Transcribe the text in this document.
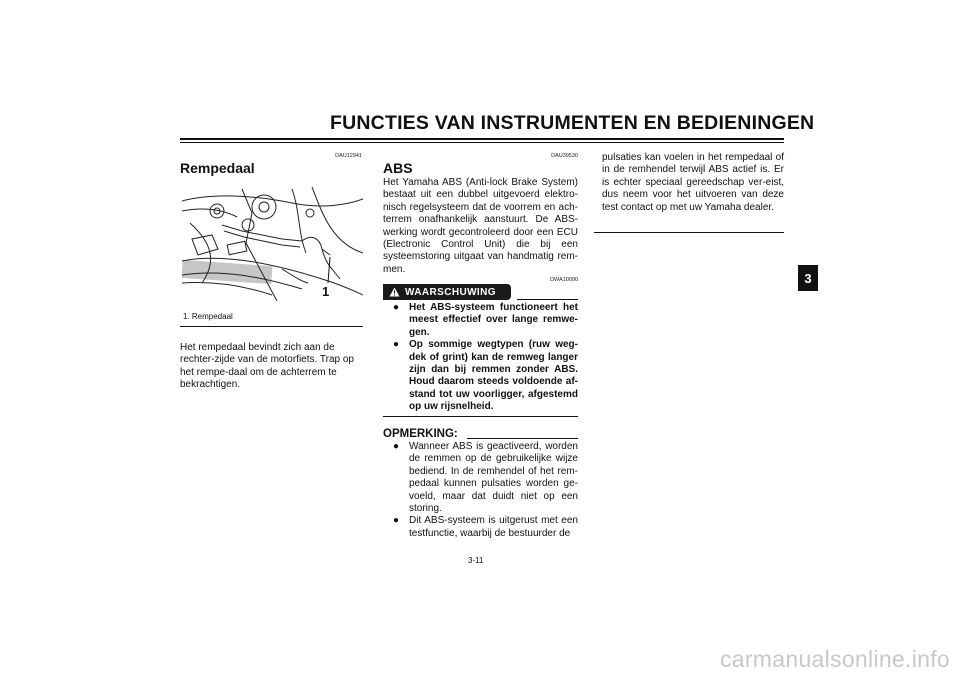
FUNCTIES VAN INSTRUMENTEN EN BEDIENINGEN
3
DAU12941
Rempedaal
1
1. Rempedaal

Het rempedaal bevindt zich aan de rechter-zijde van de motorfiets. Trap op het rempe-daal om de achterrem te bekrachtigen.

DAU39530
ABS

Het Yamaha ABS (Anti-lock Brake System) bestaat uit een dubbel uitgevoerd elektro-nisch regelsysteem dat de voorrem en ach-terrem onafhankelijk aanstuurt. De ABS-werking wordt gecontroleerd door een ECU (Electronic Control Unit) die bij een systeemstoring uitgaat van handmatig rem-men.

DWA10090
WAARSCHUWING
● Het ABS-systeem functioneert het meest effectief over lange remwe-gen.
● Op sommige wegtypen (ruw weg-dek of grint) kan de remweg langer zijn dan bij remmen zonder ABS. Houd daarom steeds voldoende af-stand tot uw voorligger, afgestemd op uw rijsnelheid.
OPMERKING:
● Wanneer ABS is geactiveerd, worden de remmen op de gebruikelijke wijze bediend. In de remhendel of het rem-pedaal kunnen pulsaties worden ge-voeld, maar dat duidt niet op een storing.
● Dit ABS-systeem is uitgerust met een testfunctie, waarbij de bestuurder de

pulsaties kan voelen in het rempedaal of in de remhendel terwijl ABS actief is. Er is echter speciaal gereedschap ver-eist, dus neem voor het uitvoeren van deze test contact op met uw Yamaha dealer.

3-11
carmanualsonline.info
